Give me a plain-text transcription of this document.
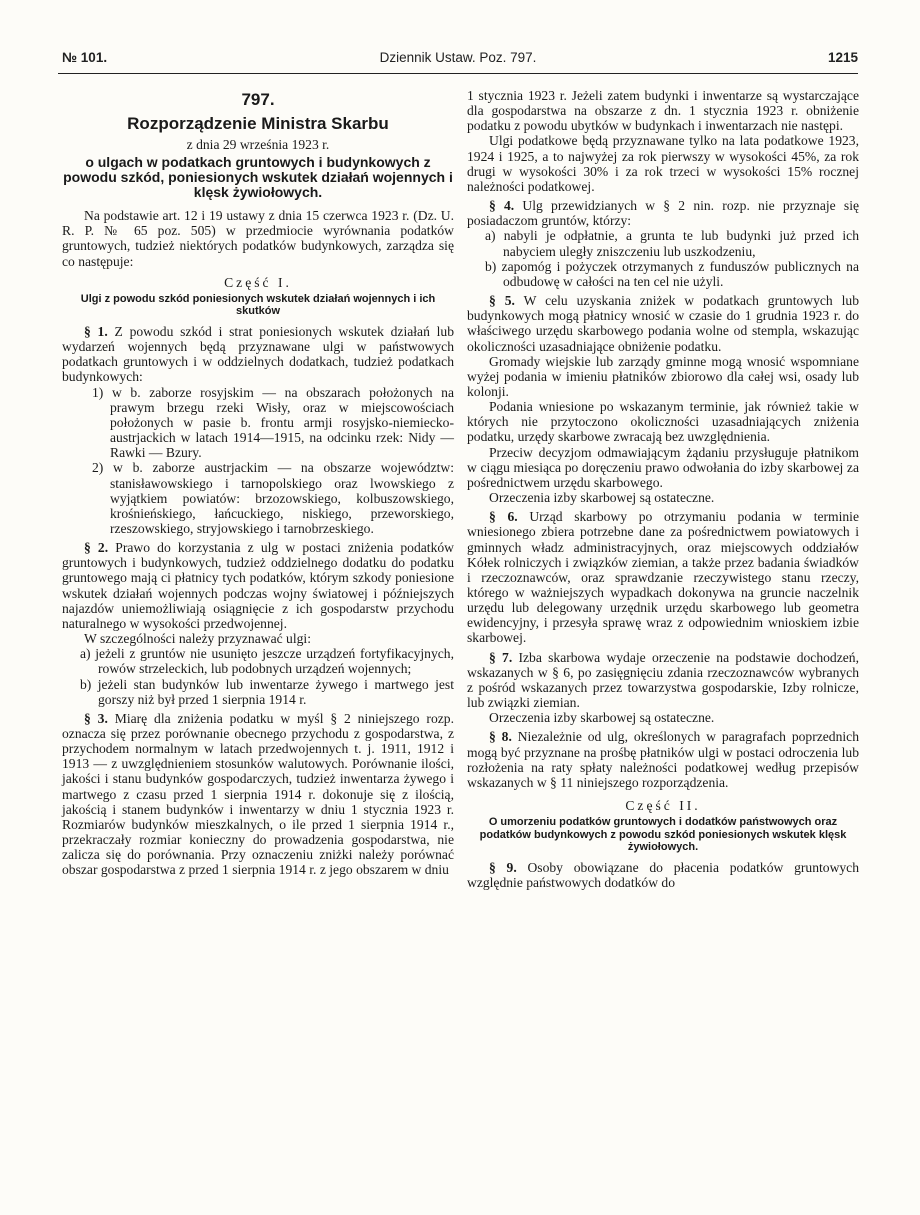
№ 101.	Dziennik Ustaw. Poz. 797.	1215
797.
Rozporządzenie Ministra Skarbu
z dnia 29 września 1923 r.
o ulgach w podatkach gruntowych i budynkowych z powodu szkód, poniesionych wskutek działań wojennych i klęsk żywiołowych.

Na podstawie art. 12 i 19 ustawy z dnia 15 czerwca 1923 r. (Dz. U. R. P. № 65 poz. 505) w przedmiocie wyrównania podatków gruntowych, tudzież niektórych podatków budynkowych, zarządza się co następuje:

Część I.
Ulgi z powodu szkód poniesionych wskutek działań wojennych i ich skutków

§ 1. Z powodu szkód i strat poniesionych wskutek działań lub wydarzeń wojennych będą przyznawane ulgi w państwowych podatkach gruntowych i w oddzielnych dodatkach, tudzież podatkach budynkowych:

1) w b. zaborze rosyjskim — na obszarach położonych na prawym brzegu rzeki Wisły, oraz w miejscowościach położonych w pasie b. frontu armji rosyjsko-niemiecko-austrjackich w latach 1914—1915, na odcinku rzek: Nidy — Rawki — Bzury.

2) w b. zaborze austrjackim — na obszarze województw: stanisławowskiego i tarnopolskiego oraz lwowskiego z wyjątkiem powiatów: brzozowskiego, kolbuszowskiego, krośnieńskiego, łańcuckiego, niskiego, przeworskiego, rzeszowskiego, stryjowskiego i tarnobrzeskiego.

§ 2. Prawo do korzystania z ulg w postaci zniżenia podatków gruntowych i budynkowych, tudzież oddzielnego dodatku do podatku gruntowego mają ci płatnicy tych podatków, którym szkody poniesione wskutek działań wojennych podczas wojny światowej i późniejszych najazdów uniemożliwiają osiągnięcie z ich gospodarstw przychodu naturalnego w wysokości przedwojennej.

W szczególności należy przyznawać ulgi:

a) jeżeli z gruntów nie usunięto jeszcze urządzeń fortyfikacyjnych, rowów strzeleckich, lub podobnych urządzeń wojennych;

b) jeżeli stan budynków lub inwentarze żywego i martwego jest gorszy niż był przed 1 sierpnia 1914 r.

§ 3. Miarę dla zniżenia podatku w myśl § 2 niniejszego rozp. oznacza się przez porównanie obecnego przychodu z gospodarstwa, z przychodem normalnym w latach przedwojennych t. j. 1911, 1912 i 1913 — z uwzględnieniem stosunków walutowych. Porównanie ilości, jakości i stanu budynków gospodarczych, tudzież inwentarza żywego i martwego z czasu przed 1 sierpnia 1914 r. dokonuje się z ilością, jakością i stanem budynków i inwentarzy w dniu 1 stycznia 1923 r. Rozmiarów budynków mieszkalnych, o ile przed 1 sierpnia 1914 r., przekraczały rozmiar konieczny do prowadzenia gospodarstwa, nie zalicza się do porównania. Przy oznaczeniu zniżki należy porównać obszar gospodarstwa z przed 1 sierpnia 1914 r. z jego obszarem w dniu

1 stycznia 1923 r. Jeżeli zatem budynki i inwentarze są wystarczające dla gospodarstwa na obszarze z dn. 1 stycznia 1923 r. obniżenie podatku z powodu ubytków w budynkach i inwentarzach nie następi.

Ulgi podatkowe będą przyznawane tylko na lata podatkowe 1923, 1924 i 1925, a to najwyżej za rok pierwszy w wysokości 45%, za rok drugi w wysokości 30% i za rok trzeci w wysokości 15% rocznej należności podatkowej.

§ 4. Ulg przewidzianych w § 2 nin. rozp. nie przyznaje się posiadaczom gruntów, którzy:

a) nabyli je odpłatnie, a grunta te lub budynki już przed ich nabyciem uległy zniszczeniu lub uszkodzeniu,

b) zapomóg i pożyczek otrzymanych z funduszów publicznych na odbudowę w całości na ten cel nie użyli.

§ 5. W celu uzyskania zniżek w podatkach gruntowych lub budynkowych mogą płatnicy wnosić w czasie do 1 grudnia 1923 r. do właściwego urzędu skarbowego podania wolne od stempla, wskazując okoliczności uzasadniające obniżenie podatku.

Gromady wiejskie lub zarządy gminne mogą wnosić wspomniane wyżej podania w imieniu płatników zbiorowo dla całej wsi, osady lub kolonji.

Podania wniesione po wskazanym terminie, jak również takie w których nie przytoczono okoliczności uzasadniających zniżenia podatku, urzędy skarbowe zwracają bez uwzględnienia.

Przeciw decyzjom odmawiającym żądaniu przysługuje płatnikom w ciągu miesiąca po doręczeniu prawo odwołania do izby skarbowej za pośrednictwem urzędu skarbowego.

Orzeczenia izby skarbowej są ostateczne.

§ 6. Urząd skarbowy po otrzymaniu podania w terminie wniesionego zbiera potrzebne dane za pośrednictwem powiatowych i gminnych władz administracyjnych, oraz miejscowych oddziałów Kółek rolniczych i związków ziemian, a także przez badania świadków i rzeczoznawców, oraz sprawdzanie rzeczywistego stanu rzeczy, którego w ważniejszych wypadkach dokonywa na gruncie naczelnik urzędu lub delegowany urzędnik urzędu skarbowego lub geometra ewidencyjny, i przesyła sprawę wraz z odpowiednim wnioskiem izbie skarbowej.

§ 7. Izba skarbowa wydaje orzeczenie na podstawie dochodzeń, wskazanych w § 6, po zasięgnięciu zdania rzeczoznawców wybranych z pośród wskazanych przez towarzystwa gospodarskie, Izby rolnicze, lub związki ziemian.

Orzeczenia izby skarbowej są ostateczne.

§ 8. Niezależnie od ulg, określonych w paragrafach poprzednich mogą być przyznane na prośbę płatników ulgi w postaci odroczenia lub rozłożenia na raty spłaty należności podatkowej według przepisów wskazanych w § 11 niniejszego rozporządzenia.

Część II.
O umorzeniu podatków gruntowych i dodatków państwowych oraz podatków budynkowych z powodu szkód poniesionych wskutek klęsk żywiołowych.

§ 9. Osoby obowiązane do płacenia podatków gruntowych względnie państwowych dodatków do
